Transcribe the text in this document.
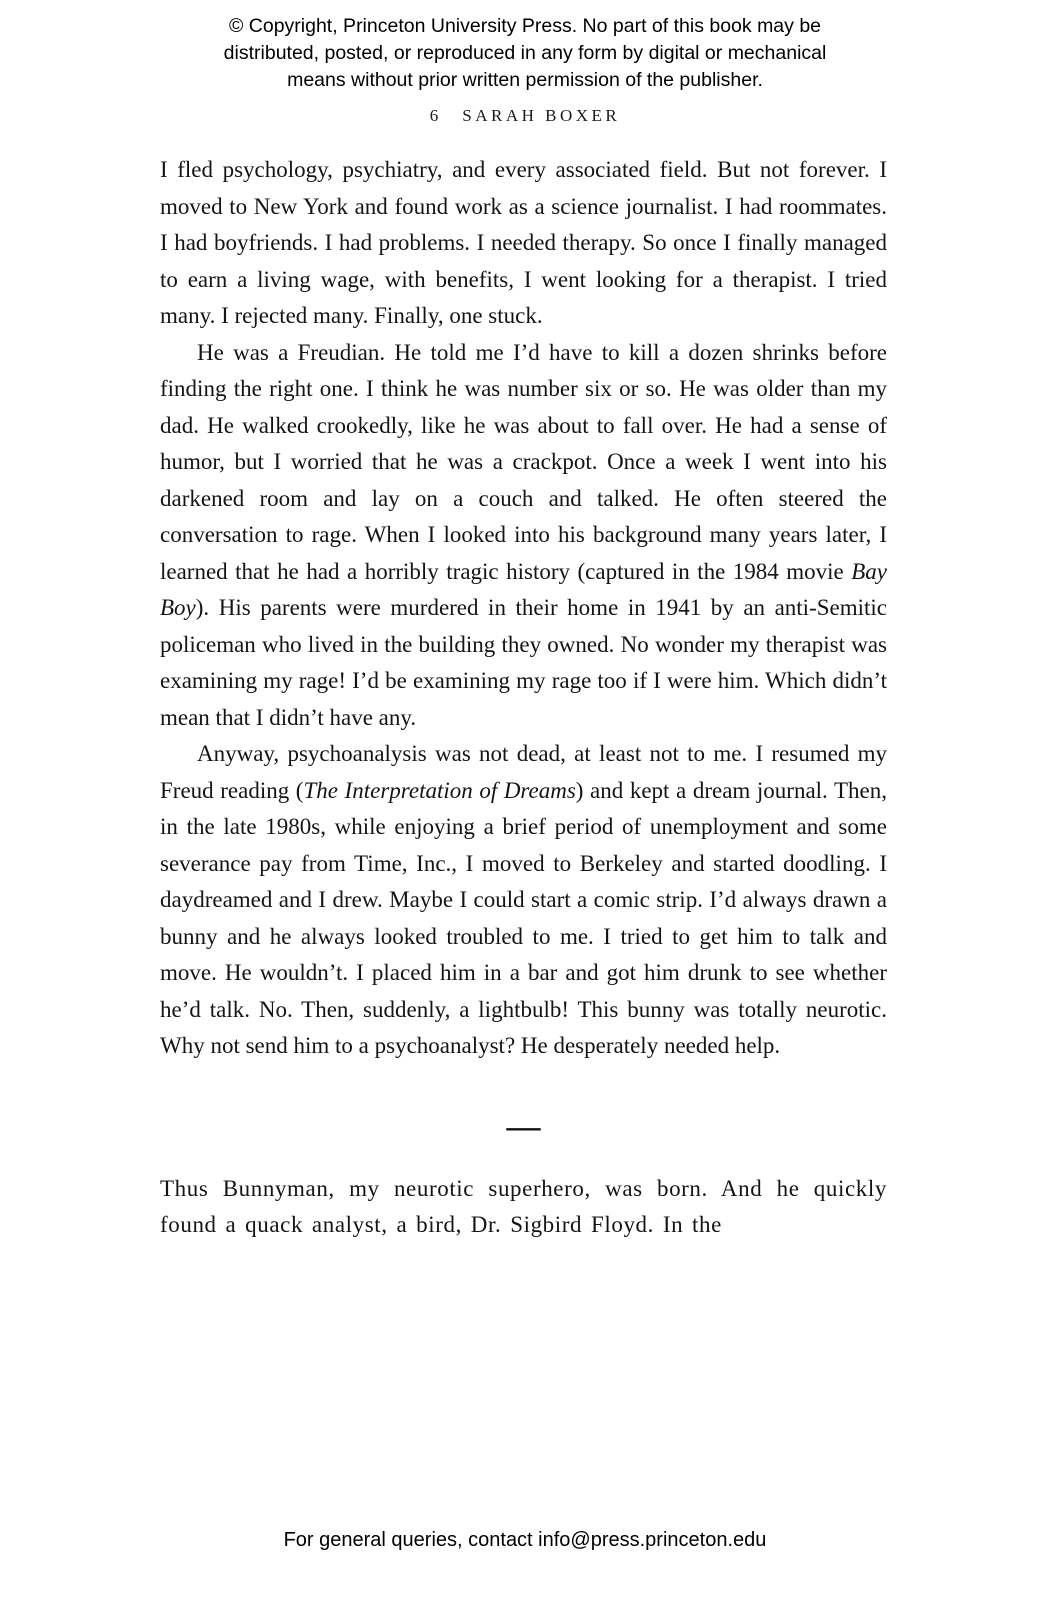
© Copyright, Princeton University Press. No part of this book may be
distributed, posted, or reproduced in any form by digital or mechanical
means without prior written permission of the publisher.
6 SARAH BOXER

I fled psychology, psychiatry, and every associated field. But not forever. I moved to New York and found work as a science journalist. I had roommates. I had boyfriends. I had problems. I needed therapy. So once I finally managed to earn a living wage, with benefits, I went looking for a therapist. I tried many. I rejected many. Finally, one stuck.

He was a Freudian. He told me I’d have to kill a dozen shrinks before finding the right one. I think he was number six or so. He was older than my dad. He walked crookedly, like he was about to fall over. He had a sense of humor, but I worried that he was a crackpot. Once a week I went into his darkened room and lay on a couch and talked. He often steered the conversation to rage. When I looked into his background many years later, I learned that he had a horribly tragic history (captured in the 1984 movie Bay Boy). His parents were murdered in their home in 1941 by an anti-Semitic policeman who lived in the building they owned. No wonder my therapist was examining my rage! I’d be examining my rage too if I were him. Which didn’t mean that I didn’t have any.

Anyway, psychoanalysis was not dead, at least not to me. I resumed my Freud reading (The Interpretation of Dreams) and kept a dream journal. Then, in the late 1980s, while enjoying a brief period of unemployment and some severance pay from Time, Inc., I moved to Berkeley and started doodling. I daydreamed and I drew. Maybe I could start a comic strip. I’d always drawn a bunny and he always looked troubled to me. I tried to get him to talk and move. He wouldn’t. I placed him in a bar and got him drunk to see whether he’d talk. No. Then, suddenly, a lightbulb! This bunny was totally neurotic. Why not send him to a psychoanalyst? He desperately needed help.

—

Thus Bunnyman, my neurotic superhero, was born. And he quickly found a quack analyst, a bird, Dr. Sigbird Floyd. In the

For general queries, contact info@press.princeton.edu
